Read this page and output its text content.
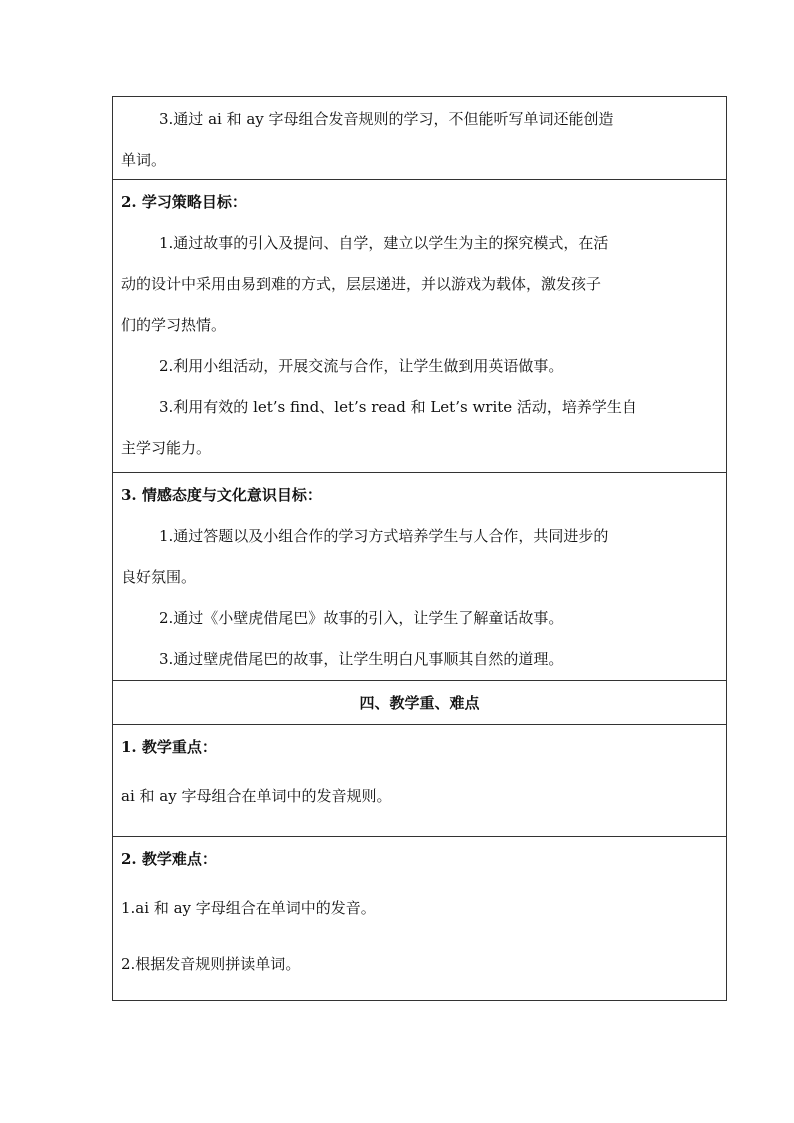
3.通过 ai 和 ay 字母组合发音规则的学习，不但能听写单词还能创造
单词。
2. 学习策略目标：
1.通过故事的引入及提问、自学，建立以学生为主的探究模式，在活
动的设计中采用由易到难的方式，层层递进，并以游戏为载体，激发孩子
们的学习热情。
2.利用小组活动，开展交流与合作，让学生做到用英语做事。
3.利用有效的 let’s find、let’s read 和 Let’s write 活动，培养学生自
主学习能力。
3. 情感态度与文化意识目标：
1.通过答题以及小组合作的学习方式培养学生与人合作，共同进步的
良好氛围。
2.通过《小壁虎借尾巴》故事的引入，让学生了解童话故事。
3.通过壁虎借尾巴的故事，让学生明白凡事顺其自然的道理。
四、教学重、难点
1. 教学重点：
ai 和 ay 字母组合在单词中的发音规则。
2. 教学难点：
1.ai 和 ay 字母组合在单词中的发音。
2.根据发音规则拼读单词。
